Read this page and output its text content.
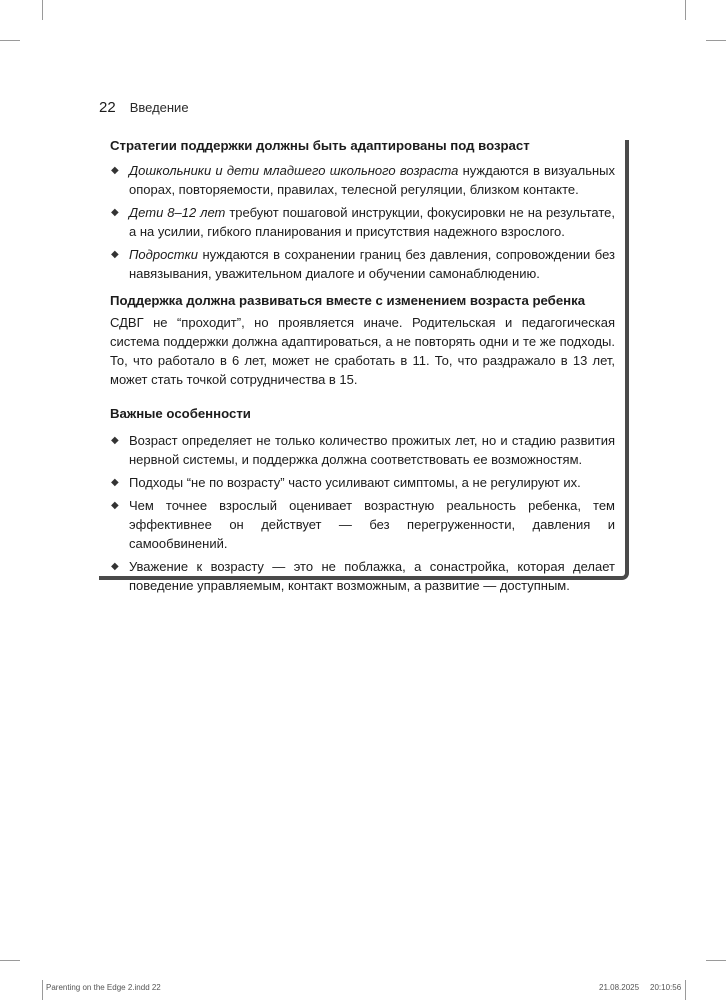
22 Введение

Стратегии поддержки должны быть адаптированы под возраст

◆ Дошкольники и дети младшего школьного возраста нуждаются в визуальных опорах, повторяемости, правилах, телесной регуляции, близком контакте.
◆ Дети 8–12 лет требуют пошаговой инструкции, фокусировки не на результате, а на усилии, гибкого планирования и присутствия надежного взрослого.
◆ Подростки нуждаются в сохранении границ без давления, сопровождении без навязывания, уважительном диалоге и обучении самонаблюдению.

Поддержка должна развиваться вместе с изменением возраста ребенка

СДВГ не “проходит”, но проявляется иначе. Родительская и педагогическая система поддержки должна адаптироваться, а не повторять одни и те же подходы. То, что работало в 6 лет, может не сработать в 11. То, что раздражало в 13 лет, может стать точкой сотрудничества в 15.

Важные особенности

◆ Возраст определяет не только количество прожитых лет, но и стадию развития нервной системы, и поддержка должна соответствовать ее возможностям.
◆ Подходы “не по возрасту” часто усиливают симптомы, а не регулируют их.
◆ Чем точнее взрослый оценивает возрастную реальность ребенка, тем эффективнее он действует — без перегруженности, давления и самообвинений.
◆ Уважение к возрасту — это не поблажка, а сонастройка, которая делает поведение управляемым, контакт возможным, а развитие — доступным.
Parenting on the Edge 2.indd 22	21.08.2025 20:10:56
